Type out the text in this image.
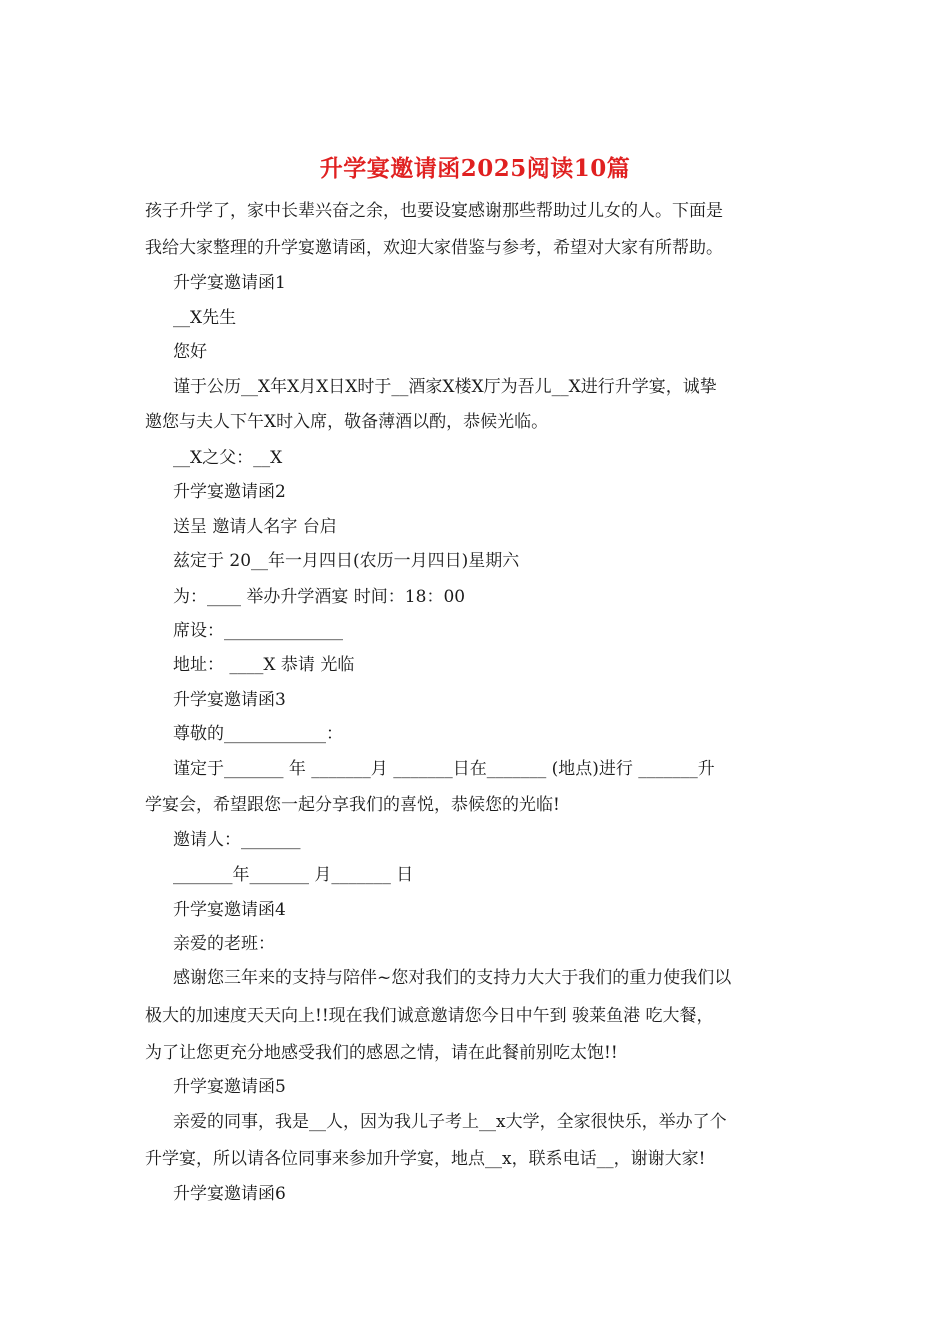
升学宴邀请函2025阅读10篇
孩子升学了，家中长辈兴奋之余，也要设宴感谢那些帮助过儿女的人。下面是
我给大家整理的升学宴邀请函，欢迎大家借鉴与参考，希望对大家有所帮助。
升学宴邀请函1
__X先生
您好
谨于公历__X年X月X日X时于__酒家X楼X厅为吾儿__X进行升学宴，诚挚
邀您与夫人下午X时入席，敬备薄酒以酌，恭候光临。
__X之父：__X
升学宴邀请函2
送呈 邀请人名字 台启
兹定于 20__年一月四日(农历一月四日)星期六
为：____ 举办升学酒宴 时间：18：00
席设：______________
地址： ____X 恭请 光临
升学宴邀请函3
尊敬的____________：
谨定于_______ 年 _______月 _______日在_______ (地点)进行 _______升
学宴会，希望跟您一起分享我们的喜悦，恭候您的光临!
邀请人：_______
_______年_______ 月_______ 日
升学宴邀请函4
亲爱的老班：
感谢您三年来的支持与陪伴~您对我们的支持力大大于我们的重力使我们以
极大的加速度天天向上!!现在我们诚意邀请您今日中午到 骏莱鱼港 吃大餐，
为了让您更充分地感受我们的感恩之情，请在此餐前别吃太饱!!
升学宴邀请函5
亲爱的同事，我是__人，因为我儿子考上__x大学，全家很快乐，举办了个
升学宴，所以请各位同事来参加升学宴，地点__x，联系电话__，谢谢大家!
升学宴邀请函6
